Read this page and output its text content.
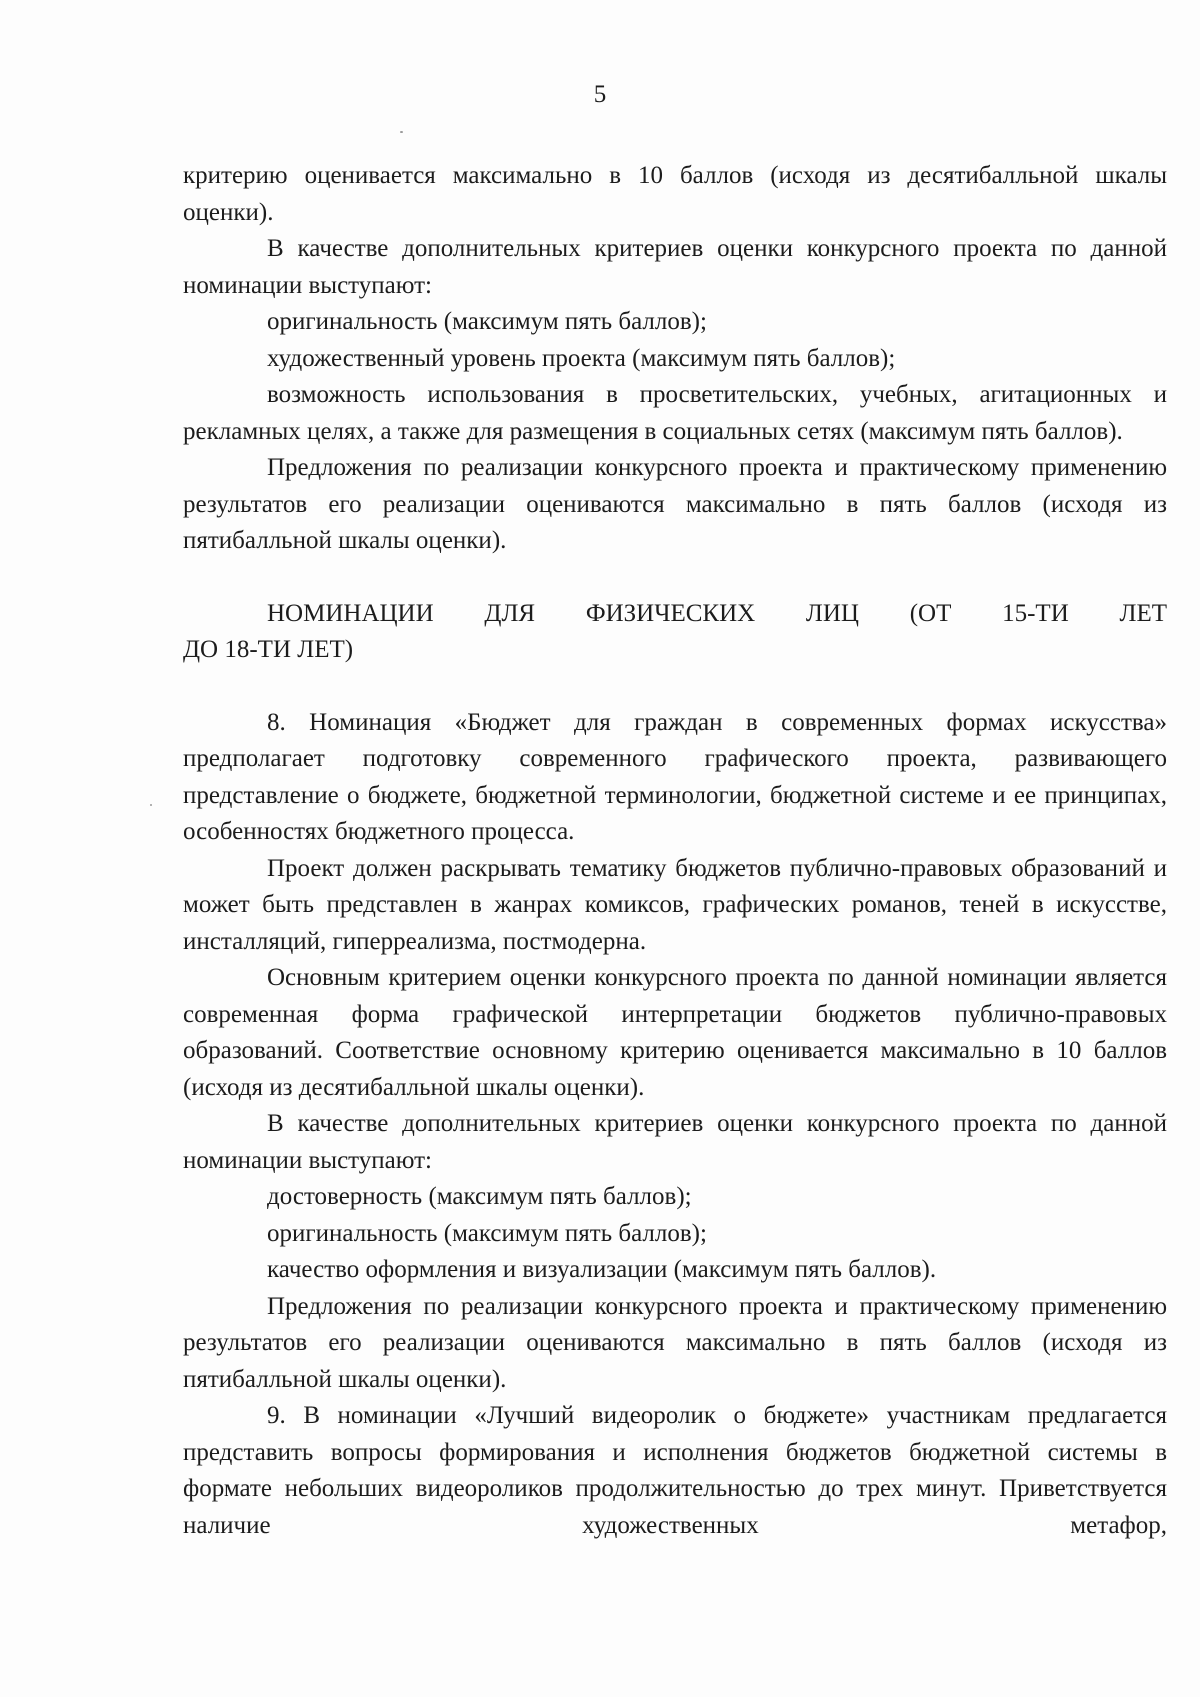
5

критерию оценивается максимально в 10 баллов (исходя из десятибалльной шкалы оценки).

В качестве дополнительных критериев оценки конкурсного проекта по данной номинации выступают:

оригинальность (максимум пять баллов);

художественный уровень проекта (максимум пять баллов);

возможность использования в просветительских, учебных, агитационных и рекламных целях, а также для размещения в социальных сетях (максимум пять баллов).

Предложения по реализации конкурсного проекта и практическому применению результатов его реализации оцениваются максимально в пять баллов (исходя из пятибалльной шкалы оценки).

НОМИНАЦИИ ДЛЯ ФИЗИЧЕСКИХ ЛИЦ (ОТ 15-ТИ ЛЕТ
ДО 18-ТИ ЛЕТ)

8. Номинация «Бюджет для граждан в современных формах искусства» предполагает подготовку современного графического проекта, развивающего представление о бюджете, бюджетной терминологии, бюджетной системе и ее принципах, особенностях бюджетного процесса.

Проект должен раскрывать тематику бюджетов публично-правовых образований и может быть представлен в жанрах комиксов, графических романов, теней в искусстве, инсталляций, гиперреализма, постмодерна.

Основным критерием оценки конкурсного проекта по данной номинации является современная форма графической интерпретации бюджетов публично-правовых образований. Соответствие основному критерию оценивается максимально в 10 баллов (исходя из десятибалльной шкалы оценки).

В качестве дополнительных критериев оценки конкурсного проекта по данной номинации выступают:

достоверность (максимум пять баллов);

оригинальность (максимум пять баллов);

качество оформления и визуализации (максимум пять баллов).

Предложения по реализации конкурсного проекта и практическому применению результатов его реализации оцениваются максимально в пять баллов (исходя из пятибалльной шкалы оценки).

9. В номинации «Лучший видеоролик о бюджете» участникам предлагается представить вопросы формирования и исполнения бюджетов бюджетной системы в формате небольших видеороликов продолжительностью до трех минут. Приветствуется наличие художественных метафор,
